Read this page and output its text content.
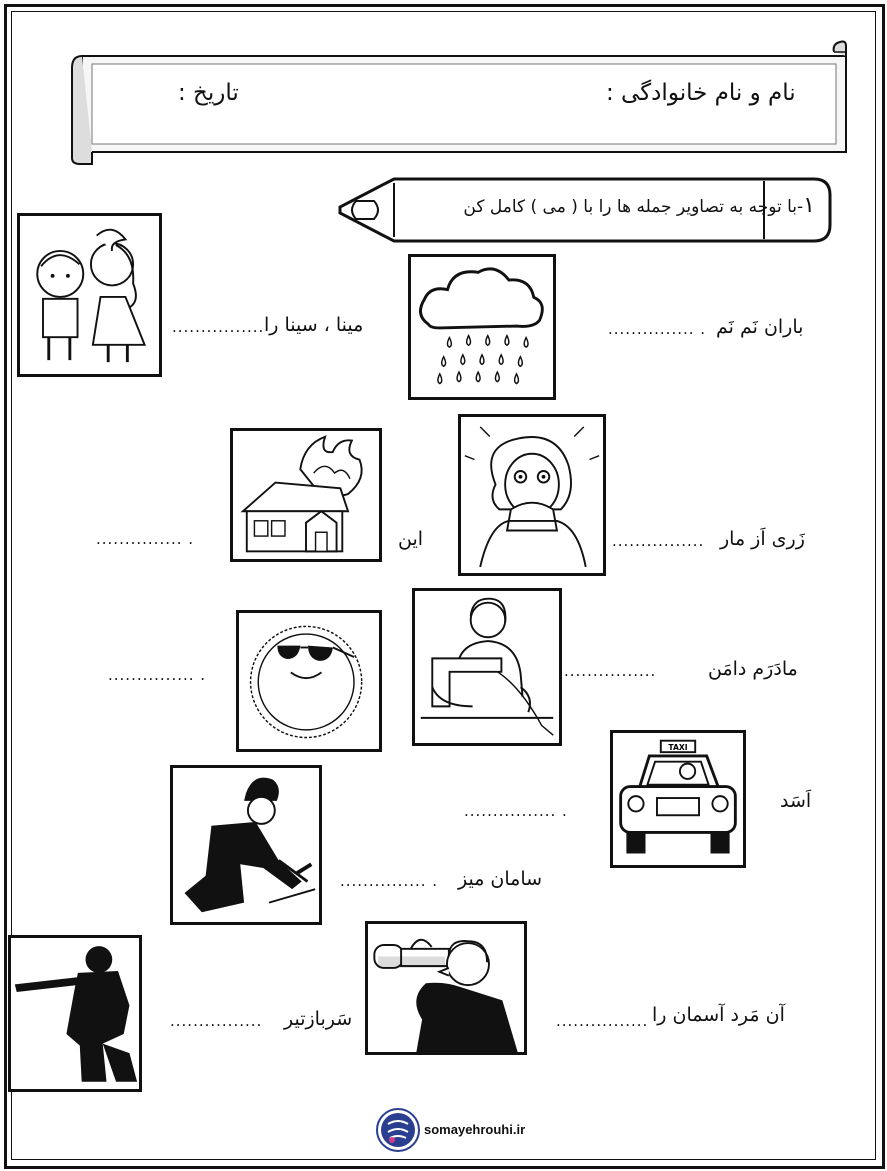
نام و نام خانوادگی :
تاریخ :
۱-با توجه به تصاویر جمله ها را با ( می ) کامل کن
مینا ، سینا را
................	باران نَم نَم
............... .
این
............... .	زَری اَز مار
................
............... .	مادَرَم دامَن
................
TAXI
اَسَد
................ .
سامان میز
............... .
سَربازتیر
................	آن مَرد آسمان را
................
somayehrouhi.ir
